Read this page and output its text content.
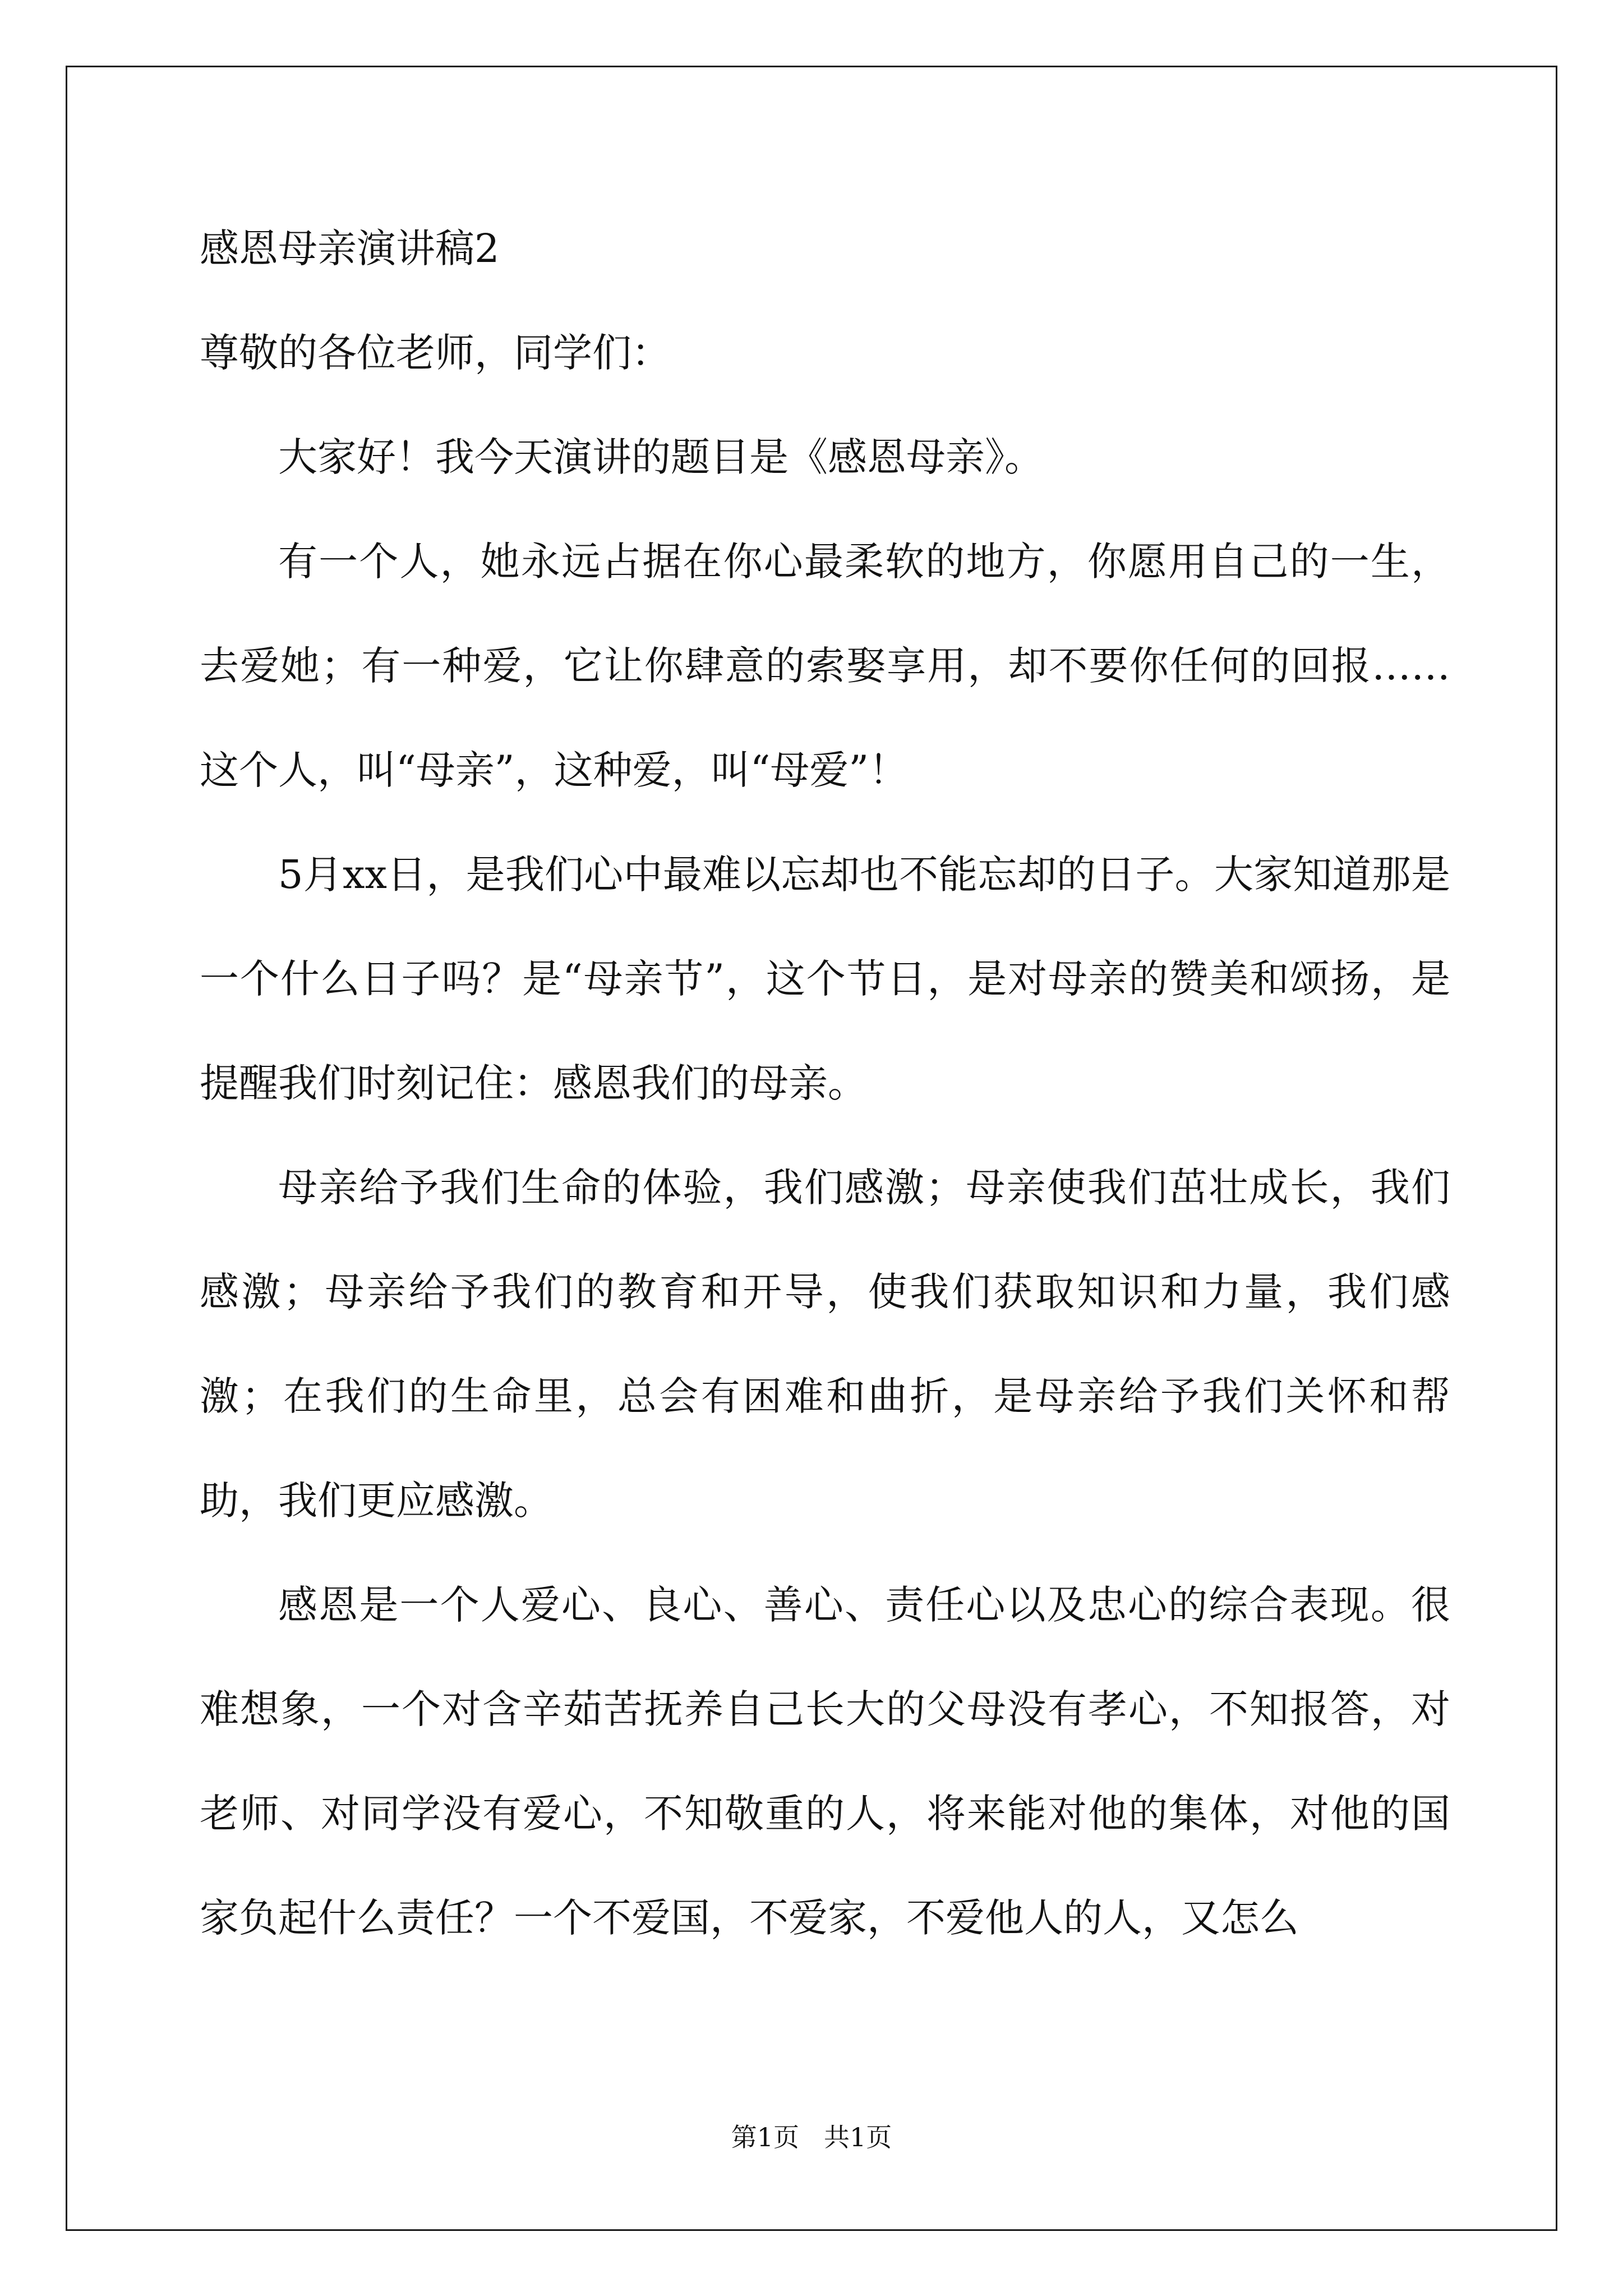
感恩母亲演讲稿2

尊敬的各位老师，同学们：

大家好！我今天演讲的题目是《感恩母亲》。

有一个人，她永远占据在你心最柔软的地方，你愿用自己的一生，去爱她；有一种爱，它让你肆意的索娶享用，却不要你任何的回报……这个人，叫“母亲”，这种爱，叫“母爱”！

5月xx日，是我们心中最难以忘却也不能忘却的日子。大家知道那是一个什么日子吗？是“母亲节”，这个节日，是对母亲的赞美和颂扬，是提醒我们时刻记住：感恩我们的母亲。

母亲给予我们生命的体验，我们感激；母亲使我们茁壮成长，我们感激；母亲给予我们的教育和开导，使我们获取知识和力量，我们感激；在我们的生命里，总会有困难和曲折，是母亲给予我们关怀和帮助，我们更应感激。

感恩是一个人爱心、良心、善心、责任心以及忠心的综合表现。很难想象，一个对含辛茹苦抚养自己长大的父母没有孝心，不知报答，对老师、对同学没有爱心，不知敬重的人，将来能对他的集体，对他的国家负起什么责任？一个不爱国，不爱家，不爱他人的人，又怎么

第1页 共1页
